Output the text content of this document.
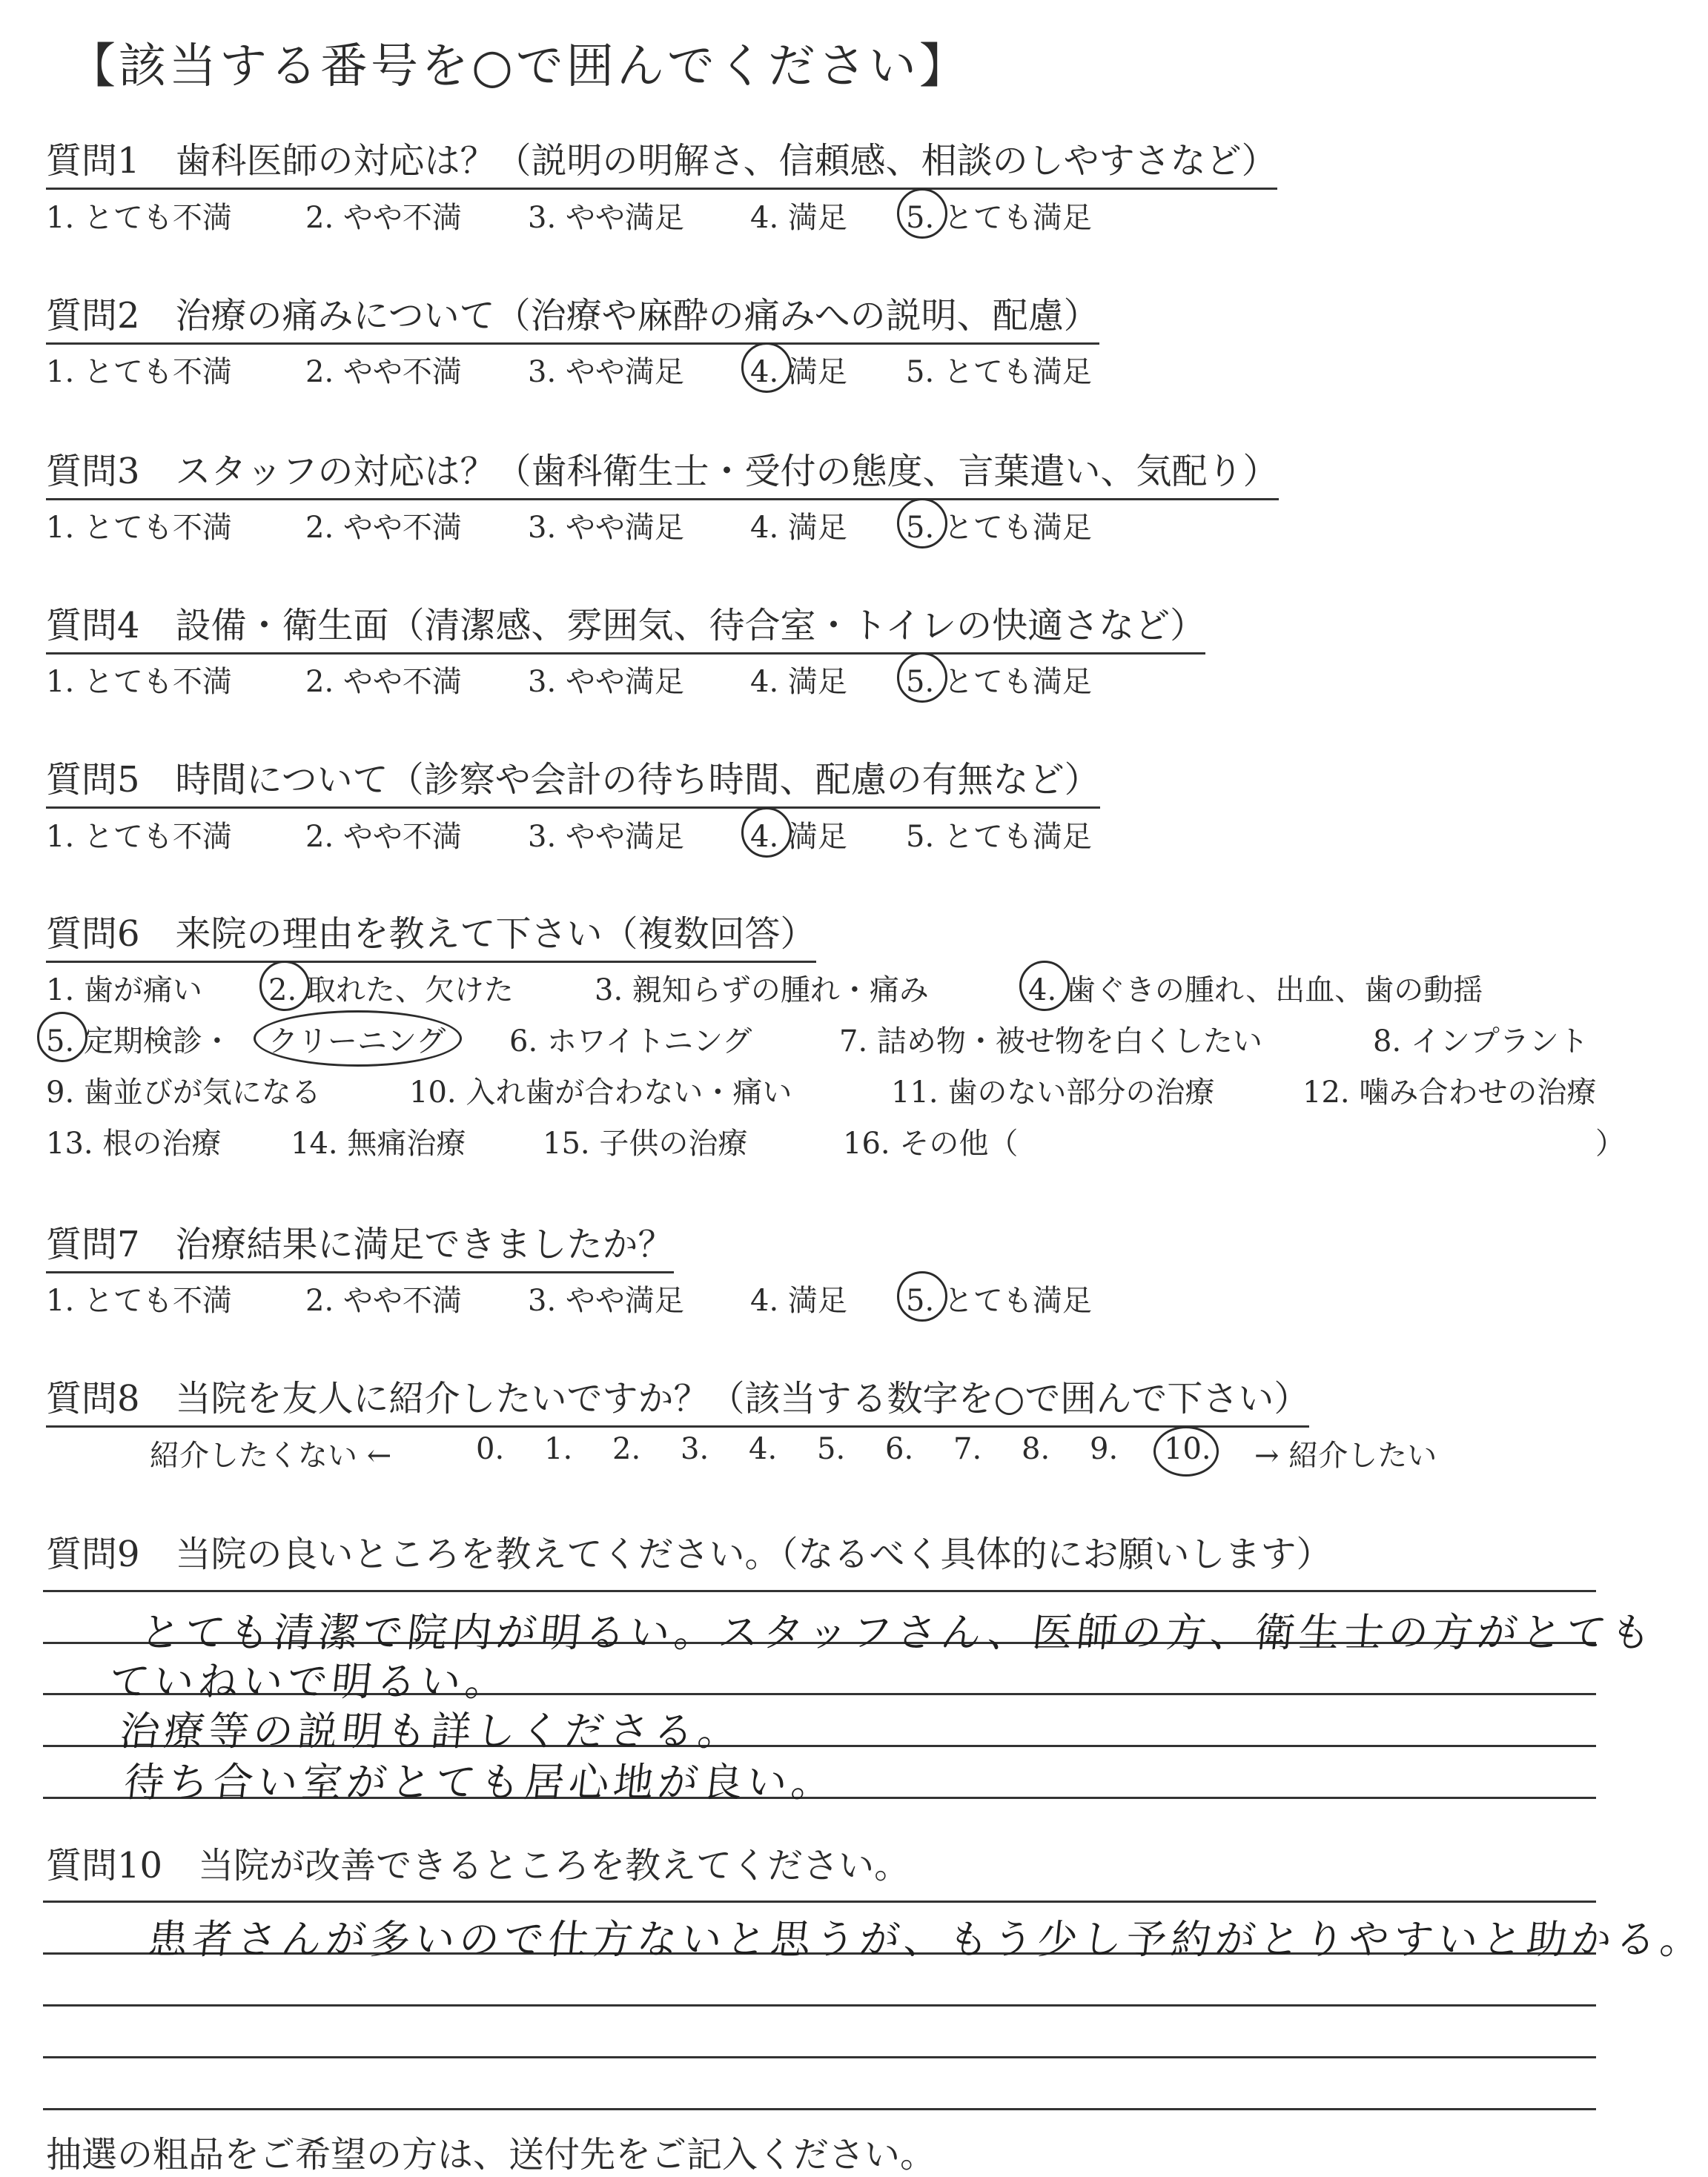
【該当する番号を○で囲んでください】
質問1　歯科医師の対応は？（説明の明解さ、信頼感、相談のしやすさなど）
1. とても不満 2. やや不満 3. やや満足 4. 満足 5. とても満足
質問2　治療の痛みについて（治療や麻酔の痛みへの説明、配慮）
1. とても不満 2. やや不満 3. やや満足 4. 満足 5. とても満足
質問3　スタッフの対応は？（歯科衛生士・受付の態度、言葉遣い、気配り）
1. とても不満 2. やや不満 3. やや満足 4. 満足 5. とても満足
質問4　設備・衛生面（清潔感、雰囲気、待合室・トイレの快適さなど）
1. とても不満 2. やや不満 3. やや満足 4. 満足 5. とても満足
質問5　時間について（診察や会計の待ち時間、配慮の有無など）
1. とても不満 2. やや不満 3. やや満足 4. 満足 5. とても満足
質問6　来院の理由を教えて下さい（複数回答）
1. 歯が痛い 2. 取れた、欠けた	3. 親知らずの腫れ・痛み	4. 歯ぐきの腫れ、出血、歯の動揺
5. 定期検診・ クリーニング 6. ホワイトニング	7. 詰め物・被せ物を白くしたい	8. インプラント
9. 歯並びが気になる	10. 入れ歯が合わない・痛い	11. 歯のない部分の治療	12. 噛み合わせの治療
13. 根の治療 14. 無痛治療	15. 子供の治療	16. その他（	）
質問7　治療結果に満足できましたか？
1. とても不満 2. やや不満 3. やや満足 4. 満足 5. とても満足
質問8　当院を友人に紹介したいですか？（該当する数字を○で囲んで下さい）
紹介したくない ←	0. 1. 2. 3. 4. 5. 6. 7. 8. 9. 10. → 紹介したい
質問9　当院の良いところを教えてください。（なるべく具体的にお願いします）
とても清潔で院内が明るい。スタッフさん、医師の方、衛生士の方がとても
ていねいで明るい。
治療等の説明も詳しくださる。
待ち合い室がとても居心地が良い。
質問10　当院が改善できるところを教えてください。
患者さんが多いので仕方ないと思うが、もう少し予約がとりやすいと助かる。
抽選の粗品をご希望の方は、送付先をご記入ください。
